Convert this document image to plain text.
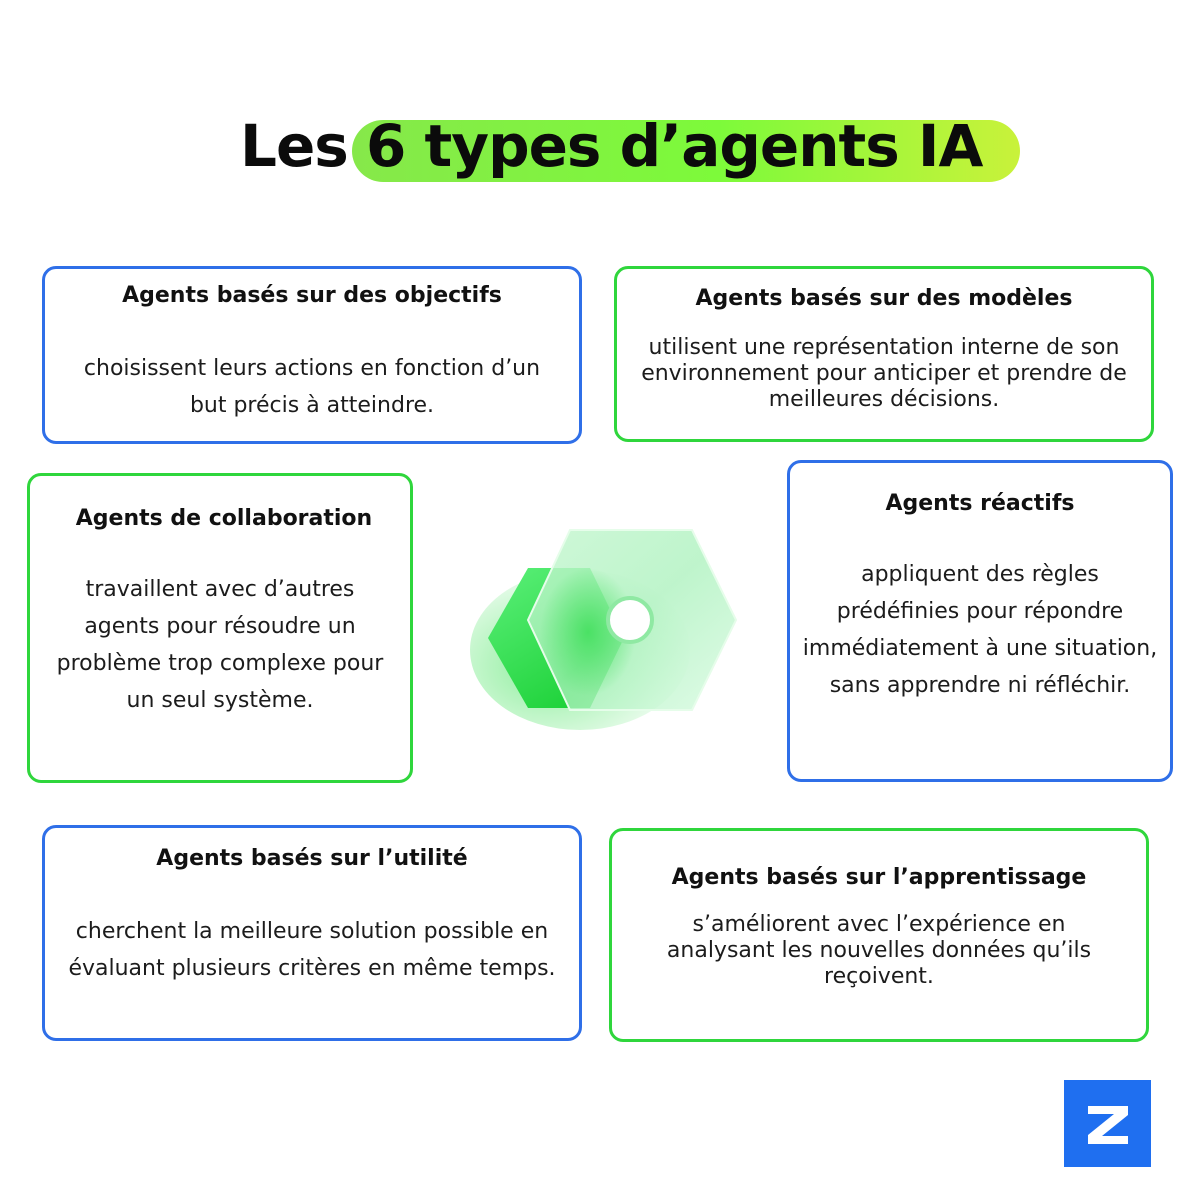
Les 6 types d’agents IA
Agents basés sur des objectifs
choisissent leurs actions en fonction d’un but précis à atteindre.
Agents basés sur des modèles
utilisent une représentation interne de son environnement pour anticiper et prendre de meilleures décisions.
Agents de collaboration
travaillent avec d’autres agents pour résoudre un problème trop complexe pour un seul système.
Agents réactifs
appliquent des règles prédéfinies pour répondre immédiatement à une situation, sans apprendre ni réfléchir.
Agents basés sur l’utilité
cherchent la meilleure solution possible en évaluant plusieurs critères en même temps.
Agents basés sur l’apprentissage
s’améliorent avec l’expérience en analysant les nouvelles données qu’ils reçoivent.
